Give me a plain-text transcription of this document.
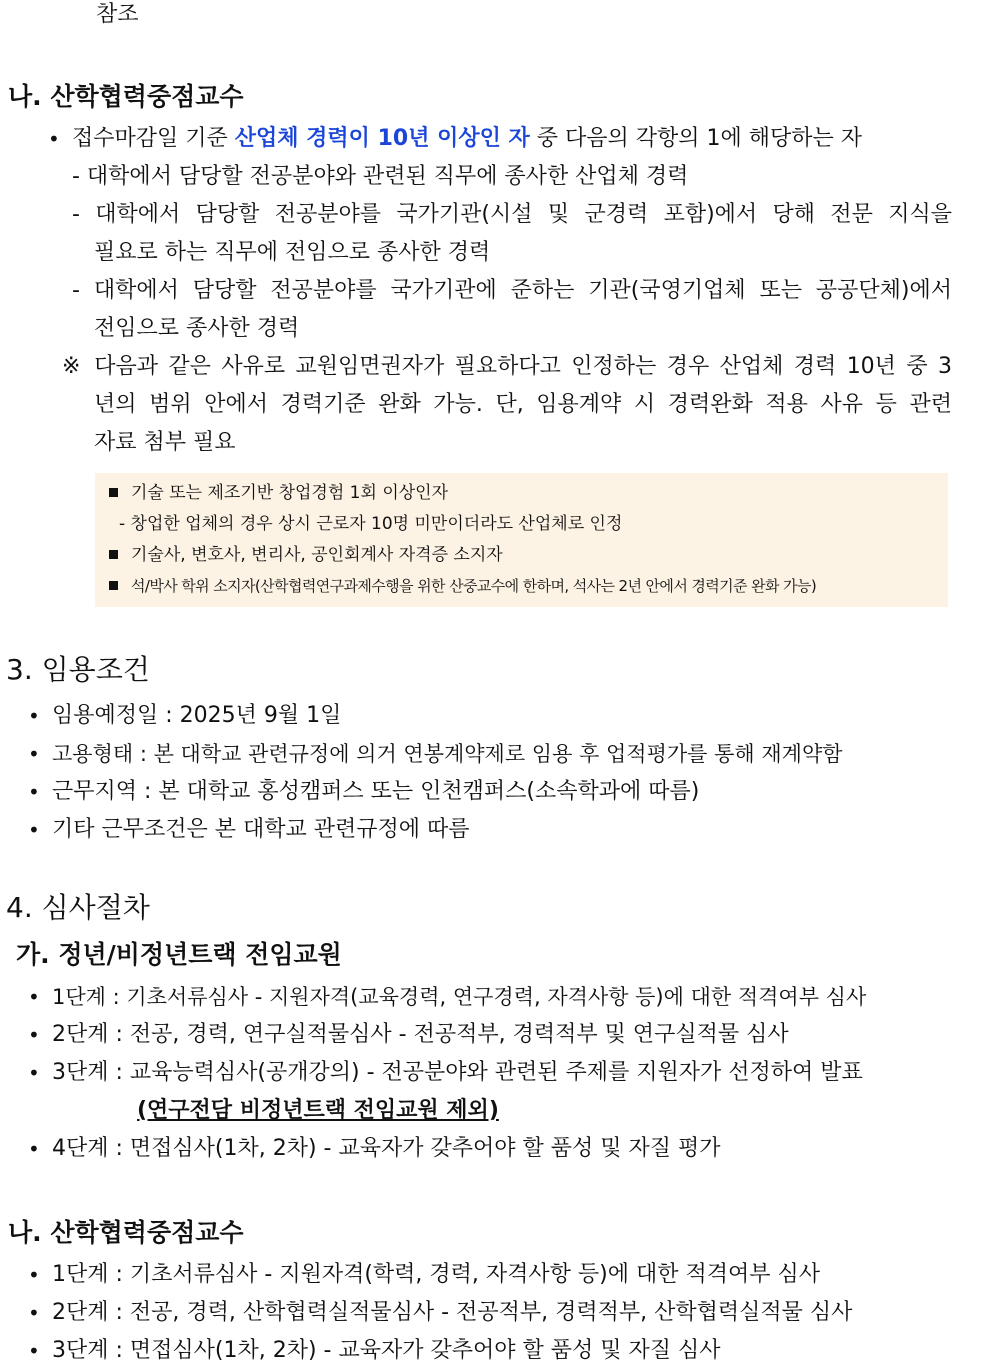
참조
나. 산학협력중점교수
• 접수마감일 기준 산업체 경력이 10년 이상인 자 중 다음의 각항의 1에 해당하는 자
- 대학에서 담당할 전공분야와 관련된 직무에 종사한 산업체 경력
- 대학에서 담당할 전공분야를 국가기관(시설 및 군경력 포함)에서 당해 전문 지식을
필요로 하는 직무에 전임으로 종사한 경력
- 대학에서 담당할 전공분야를 국가기관에 준하는 기관(국영기업체 또는 공공단체)에서
전임으로 종사한 경력
※ 다음과 같은 사유로 교원임면권자가 필요하다고 인정하는 경우 산업체 경력 10년 중 3
년의 범위 안에서 경력기준 완화 가능. 단, 임용계약 시 경력완화 적용 사유 등 관련
자료 첨부 필요
기술 또는 제조기반 창업경험 1회 이상인자
- 창업한 업체의 경우 상시 근로자 10명 미만이더라도 산업체로 인정
기술사, 변호사, 변리사, 공인회계사 자격증 소지자
석/박사 학위 소지자(산학협력연구과제수행을 위한 산중교수에 한하며, 석사는 2년 안에서 경력기준 완화 가능)
3. 임용조건
• 임용예정일 : 2025년 9월 1일
• 고용형태 : 본 대학교 관련규정에 의거 연봉계약제로 임용 후 업적평가를 통해 재계약함
• 근무지역 : 본 대학교 홍성캠퍼스 또는 인천캠퍼스(소속학과에 따름)
• 기타 근무조건은 본 대학교 관련규정에 따름
4. 심사절차
가. 정년/비정년트랙 전임교원
• 1단계 : 기초서류심사 - 지원자격(교육경력, 연구경력, 자격사항 등)에 대한 적격여부 심사
• 2단계 : 전공, 경력, 연구실적물심사 - 전공적부, 경력적부 및 연구실적물 심사
• 3단계 : 교육능력심사(공개강의) - 전공분야와 관련된 주제를 지원자가 선정하여 발표
(연구전담 비정년트랙 전임교원 제외)
• 4단계 : 면접심사(1차, 2차) - 교육자가 갖추어야 할 품성 및 자질 평가
나. 산학협력중점교수
• 1단계 : 기초서류심사 - 지원자격(학력, 경력, 자격사항 등)에 대한 적격여부 심사
• 2단계 : 전공, 경력, 산학협력실적물심사 - 전공적부, 경력적부, 산학협력실적물 심사
• 3단계 : 면접심사(1차, 2차) - 교육자가 갖추어야 할 품성 및 자질 심사
